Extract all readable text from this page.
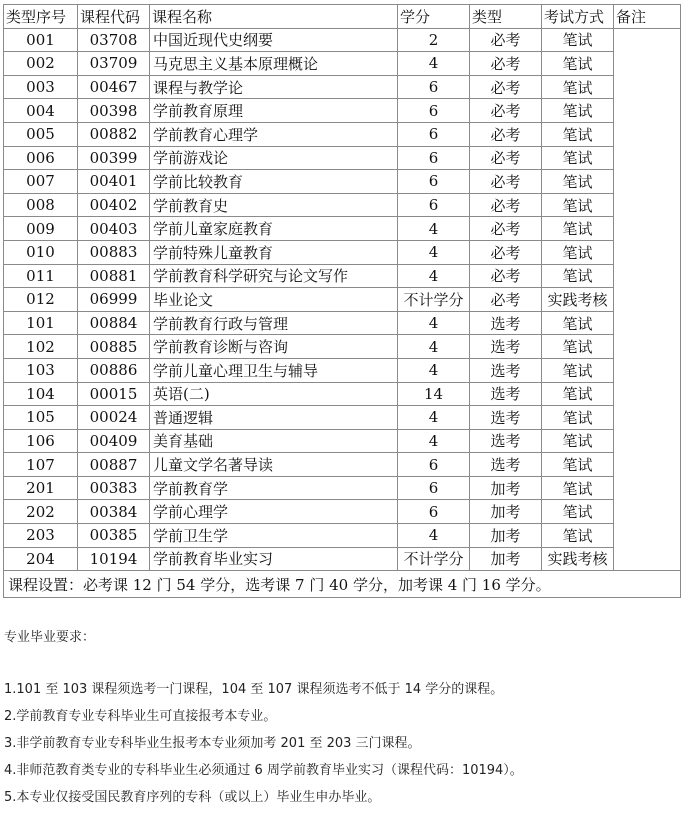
类型序号	课程代码	课程名称	学分	类型	考试方式	备注
001	03708	中国近现代史纲要	2	必考	笔试	
002	03709	马克思主义基本原理概论	4	必考	笔试	
003	00467	课程与教学论	6	必考	笔试	
004	00398	学前教育原理	6	必考	笔试	
005	00882	学前教育心理学	6	必考	笔试	
006	00399	学前游戏论	6	必考	笔试	
007	00401	学前比较教育	6	必考	笔试	
008	00402	学前教育史	6	必考	笔试	
009	00403	学前儿童家庭教育	4	必考	笔试	
010	00883	学前特殊儿童教育	4	必考	笔试	
011	00881	学前教育科学研究与论文写作	4	必考	笔试	
012	06999	毕业论文	不计学分	必考	实践考核	
101	00884	学前教育行政与管理	4	选考	笔试	
102	00885	学前教育诊断与咨询	4	选考	笔试	
103	00886	学前儿童心理卫生与辅导	4	选考	笔试	
104	00015	英语(二)	14	选考	笔试	
105	00024	普通逻辑	4	选考	笔试	
106	00409	美育基础	4	选考	笔试	
107	00887	儿童文学名著导读	6	选考	笔试	
201	00383	学前教育学	6	加考	笔试	
202	00384	学前心理学	6	加考	笔试	
203	00385	学前卫生学	4	加考	笔试	
204	10194	学前教育毕业实习	不计学分	加考	实践考核	
课程设置：必考课 12 门 54 学分，选考课 7 门 40 学分，加考课 4 门 16 学分。						
专业毕业要求：
1.101 至 103 课程须选考一门课程，104 至 107 课程须选考不低于 14 学分的课程。
2.学前教育专业专科毕业生可直接报考本专业。
3.非学前教育专业专科毕业生报考本专业须加考 201 至 203 三门课程。
4.非师范教育类专业的专科毕业生必须通过 6 周学前教育毕业实习（课程代码：10194）。
5.本专业仅接受国民教育序列的专科（或以上）毕业生申办毕业。
